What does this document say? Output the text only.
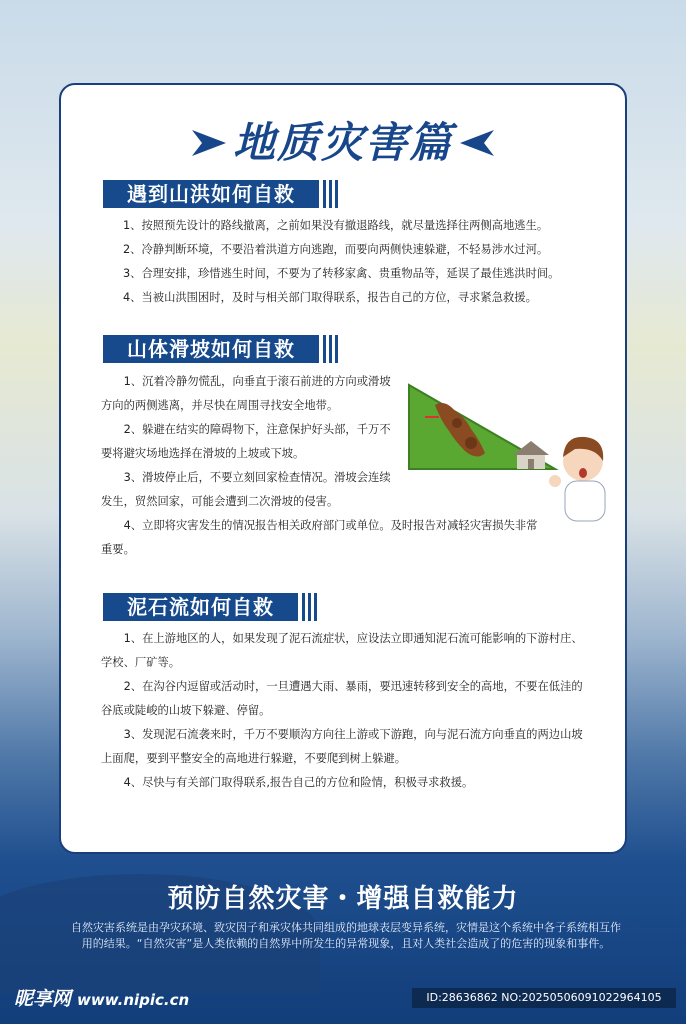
地质灾害篇
遇到山洪如何自救

1、按照预先设计的路线撤离，之前如果没有撤退路线，就尽量选择往两侧高地逃生。

2、冷静判断环境，不要沿着洪道方向逃跑，而要向两侧快速躲避，不轻易涉水过河。

3、合理安排，珍惜逃生时间，不要为了转移家禽、贵重物品等，延误了最佳逃洪时间。

4、当被山洪围困时，及时与相关部门取得联系，报告自己的方位，寻求紧急救援。

山体滑坡如何自救

1、沉着冷静勿慌乱，向垂直于滚石前进的方向或滑坡方向的两侧逃离，并尽快在周围寻找安全地带。

2、躲避在结实的障碍物下，注意保护好头部，千万不要将避灾场地选择在滑坡的上坡或下坡。

3、滑坡停止后，不要立刻回家检查情况。滑坡会连续发生，贸然回家，可能会遭到二次滑坡的侵害。

4、立即将灾害发生的情况报告相关政府部门或单位。及时报告对减轻灾害损失非常重要。

泥石流如何自救

1、在上游地区的人，如果发现了泥石流症状，应设法立即通知泥石流可能影响的下游村庄、学校、厂矿等。

2、在沟谷内逗留或活动时，一旦遭遇大雨、暴雨，要迅速转移到安全的高地，不要在低洼的谷底或陡峻的山坡下躲避、停留。

3、发现泥石流袭来时，千万不要顺沟方向往上游或下游跑，向与泥石流方向垂直的两边山坡上面爬，要到平整安全的高地进行躲避，不要爬到树上躲避。

4、尽快与有关部门取得联系,报告自己的方位和险情，积极寻求救援。

预防自然灾害・增强自救能力
自然灾害系统是由孕灾环境、致灾因子和承灾体共同组成的地球表层变异系统，灾情是这个系统中各子系统相互作用的结果。“自然灾害”是人类依赖的自然界中所发生的异常现象，且对人类社会造成了的危害的现象和事件。
昵享网 www.nipic.cn	ID:28636862 NO:20250506091022964105
